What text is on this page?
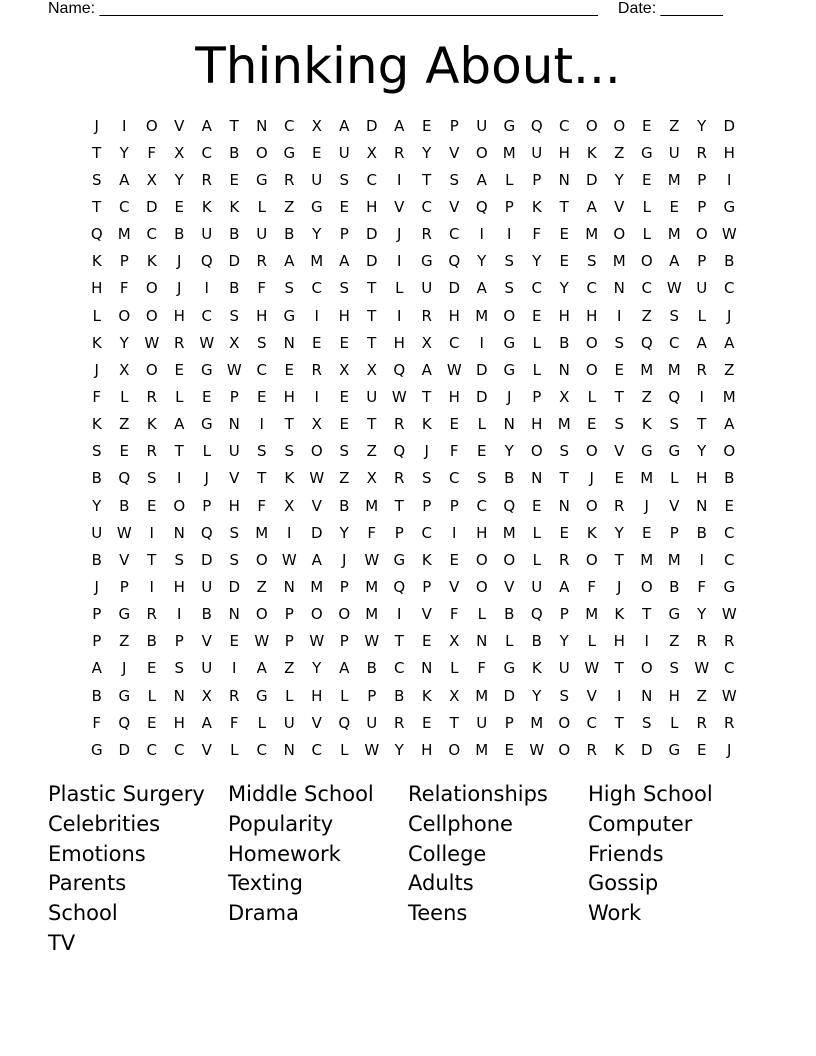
Name: ________________________________________________________ Date: _______
Thinking About...
J	I	O	V	A	T	N	C	X	A	D	A	E	P	U	G	Q	C	O	O	E	Z	Y	D
T	Y	F	X	C	B	O	G	E	U	X	R	Y	V	O	M	U	H	K	Z	G	U	R	H
S	A	X	Y	R	E	G	R	U	S	C	I	T	S	A	L	P	N	D	Y	E	M	P	I
T	C	D	E	K	K	L	Z	G	E	H	V	C	V	Q	P	K	T	A	V	L	E	P	G
Q	M	C	B	U	B	U	B	Y	P	D	J	R	C	I	I	F	E	M	O	L	M	O W
K	P	K	J	Q	D	R	A	M	A	D	I	G	Q	Y	S	Y	E	S	M	O	A	P	B
H	F	O	J	I	B	F	S	C	S	T	L	U	D	A	S	C	Y	C	N	C W U	C
L	O	O	H	C	S	H	G	I	H	T	I	R	H	M	O	E	H	H	I	Z	S	L	J
K	Y	W R W X	S	N	E	E	T	H	X	C	I	G	L	B	O	S	Q	C	A	A
J	X	O	E	G W C	E	R	X	X	Q	A W D	G	L	N	O	E	M M	R	Z
F	L	R	L	E	P	E	H	I	E	U W	T	H	D	J	P	X	L	T	Z	Q	I	M
K	Z	K	A	G	N	I	T	X	E	T	R	K	E	L	N	H	M	E	S	K	S	T	A
S	E	R	T	L	U	S	S	O	S	Z	Q	J	F	E	Y	O	S	O	V	G	G	Y	O
B	Q	S	I	J	V	T	K	W Z	X	R	S	C	S	B	N	T	J	E	M	L	H	B
Y	B	E	O	P	H	F	X	V	B	M	T	P	P	C	Q	E	N	O	R	J	V	N	E
U W	I	N	Q	S	M	I	D	Y	F	P	C	I	H	M	L	E	K	Y	E	P	B	C
B	V	T	S	D	S	O W A	J	W G	K	E	O	O	L	R	O	T	M M	I	C
J	P	I	H	U	D	Z	N	M	P	M	Q	P	V	O	V	U	A	F	J	O	B	F	G
P	G	R	I	B	N	O	P	O	O	M	I	V	F	L	B	Q	P	M	K	T	G	Y	W
P	Z	B	P	V	E	W	P	W	P	W	T	E	X	N	L	B	Y	L	H	I	Z	R	R
A	J	E	S	U	I	A	Z	Y	A	B	C	N	L	F	G	K	U W	T	O	S	W C
B	G	L	N	X	R	G	L	H	L	P	B	K	X	M	D	Y	S	V	I	N	H	Z W
F	Q	E	H	A	F	L	U	V	Q	U	R	E	T	U	P	M	O	C	T	S	L	R	R
G	D	C	C	V	L	C	N	C	L	W	Y	H	O	M	E	W O	R	K	D	G	E	J
Plastic Surgery	Middle School	Relationships	High School
Celebrities	Popularity	Cellphone	Computer
Emotions	Homework	College	Friends
Parents	Texting	Adults	Gossip
School	Drama	Teens	Work
TV
